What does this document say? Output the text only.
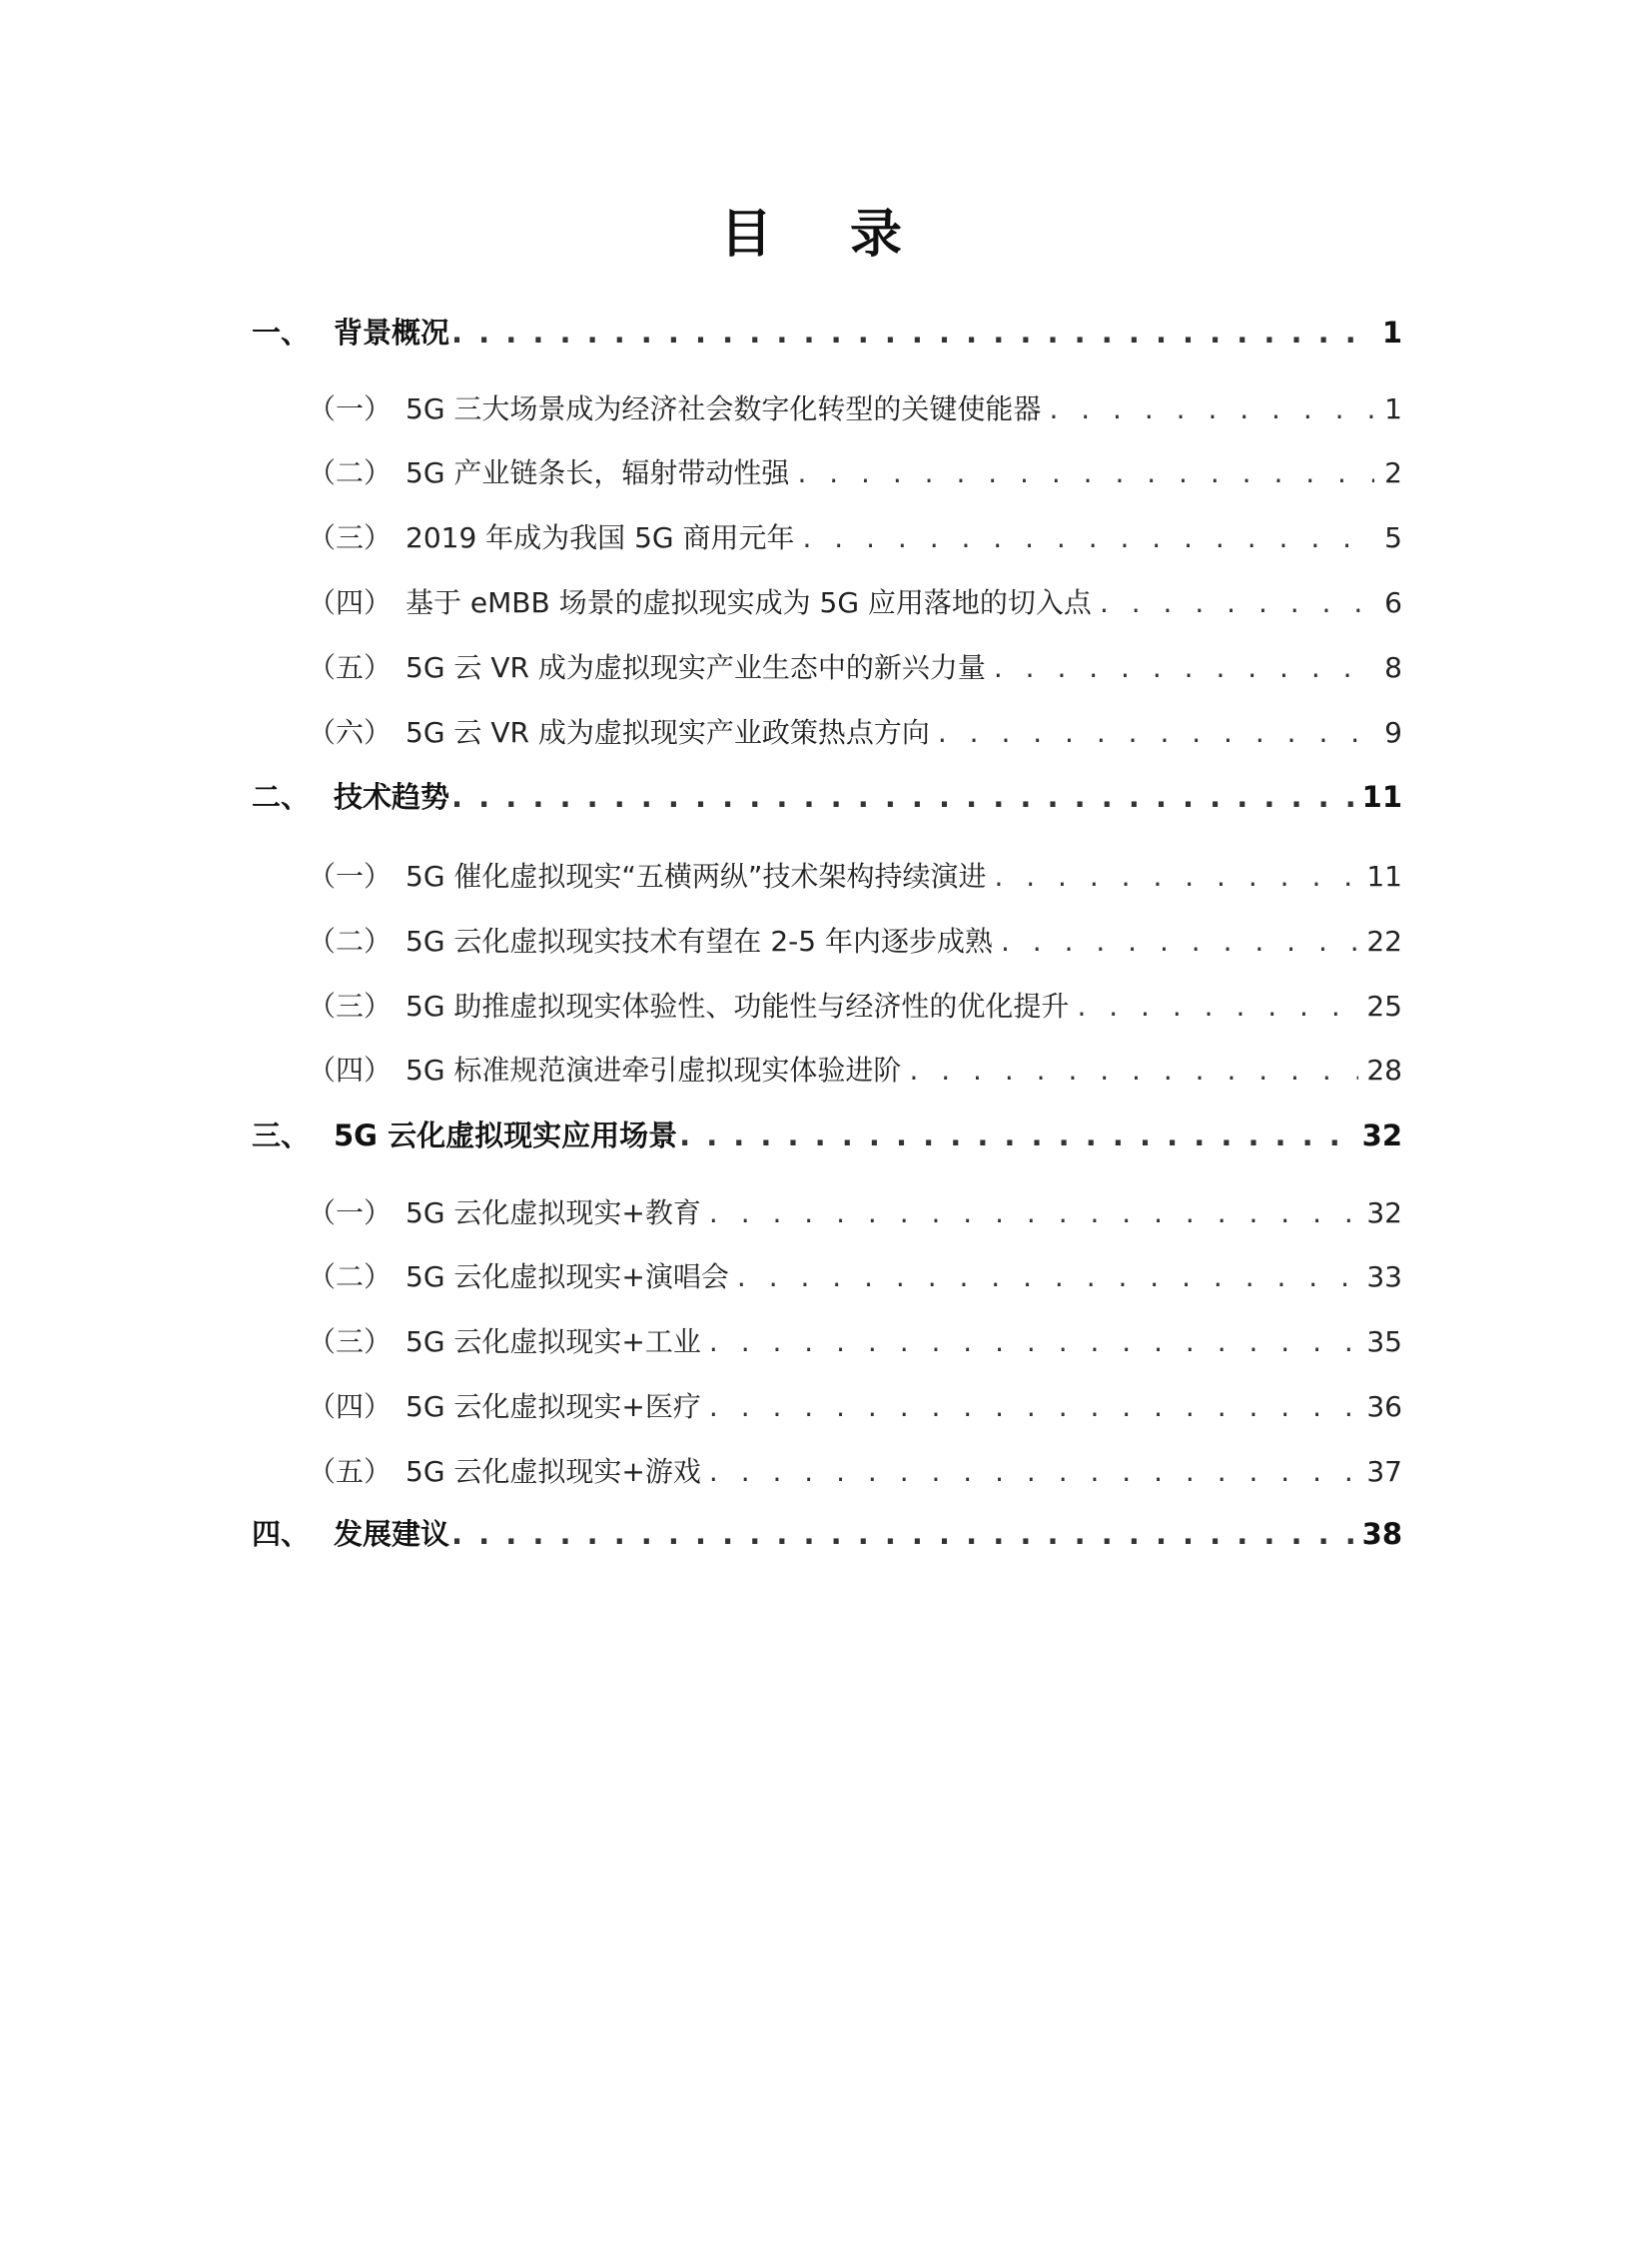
目 录
一、 背景概况 . . .	1
（一） 5G 三大场景成为经济社会数字化转型的关键使能器 . . .	1
（二） 5G 产业链条长，辐射带动性强 . . .	2
（三） 2019 年成为我国 5G 商用元年 . . .	5
（四） 基于 eMBB 场景的虚拟现实成为 5G 应用落地的切入点 . . .	6
（五） 5G 云 VR 成为虚拟现实产业生态中的新兴力量 . . .	8
（六） 5G 云 VR 成为虚拟现实产业政策热点方向 . . .	9
二、 技术趋势 . . .	11
（一） 5G 催化虚拟现实“五横两纵”技术架构持续演进 . . .	11
（二） 5G 云化虚拟现实技术有望在 2-5 年内逐步成熟 . . .	22
（三） 5G 助推虚拟现实体验性、功能性与经济性的优化提升 . . .	25
（四） 5G 标准规范演进牵引虚拟现实体验进阶 . . .	28
三、 5G 云化虚拟现实应用场景 . . .	32
（一） 5G 云化虚拟现实+教育 . . .	32
（二） 5G 云化虚拟现实+演唱会 . . .	33
（三） 5G 云化虚拟现实+工业 . . .	35
（四） 5G 云化虚拟现实+医疗 . . .	36
（五） 5G 云化虚拟现实+游戏 . . .	37
四、 发展建议 . . .	38
